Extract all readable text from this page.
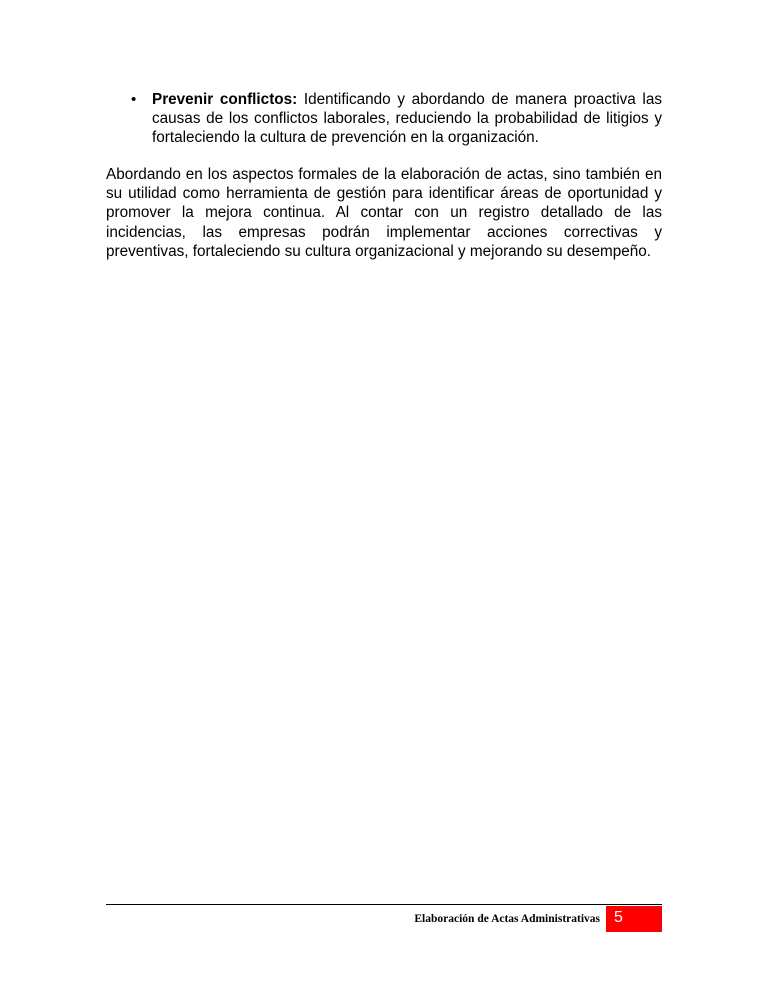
• Prevenir conflictos: Identificando y abordando de manera proactiva las causas de los conflictos laborales, reduciendo la probabilidad de litigios y fortaleciendo la cultura de prevención en la organización.

Abordando en los aspectos formales de la elaboración de actas, sino también en su utilidad como herramienta de gestión para identificar áreas de oportunidad y promover la mejora continua. Al contar con un registro detallado de las incidencias, las empresas podrán implementar acciones correctivas y preventivas, fortaleciendo su cultura organizacional y mejorando su desempeño.

Elaboración de Actas Administrativas 5
